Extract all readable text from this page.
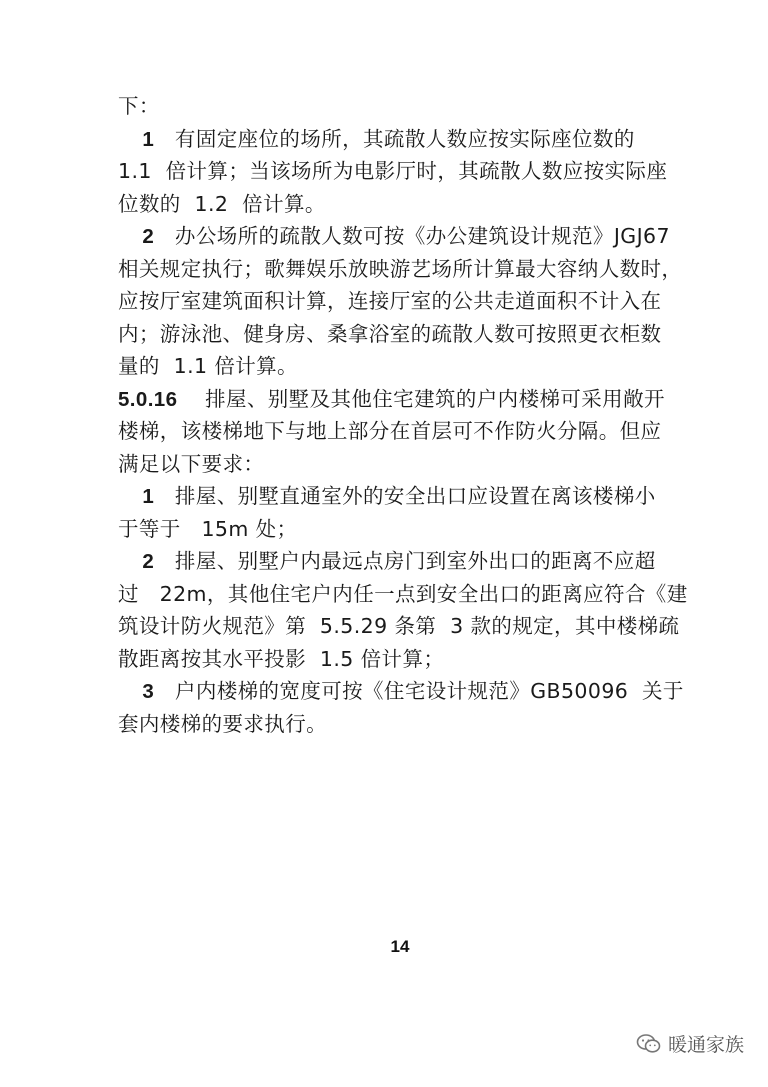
下：
1   有固定座位的场所，其疏散人数应按实际座位数的
1.1  倍计算；当该场所为电影厅时，其疏散人数应按实际座
位数的  1.2  倍计算。
2   办公场所的疏散人数可按《办公建筑设计规范》JGJ67
相关规定执行；歌舞娱乐放映游艺场所计算最大容纳人数时，
应按厅室建筑面积计算，连接厅室的公共走道面积不计入在
内；游泳池、健身房、桑拿浴室的疏散人数可按照更衣柜数
量的  1.1 倍计算。
5.0.16    排屋、别墅及其他住宅建筑的户内楼梯可采用敞开
楼梯，该楼梯地下与地上部分在首层可不作防火分隔。但应
满足以下要求：
1   排屋、别墅直通室外的安全出口应设置在离该楼梯小
于等于   15m 处；
2   排屋、别墅户内最远点房门到室外出口的距离不应超
过   22m，其他住宅户内任一点到安全出口的距离应符合《建
筑设计防火规范》第  5.5.29 条第  3 款的规定，其中楼梯疏
散距离按其水平投影  1.5 倍计算；
3   户内楼梯的宽度可按《住宅设计规范》GB50096  关于
套内楼梯的要求执行。
14
暖通家族
